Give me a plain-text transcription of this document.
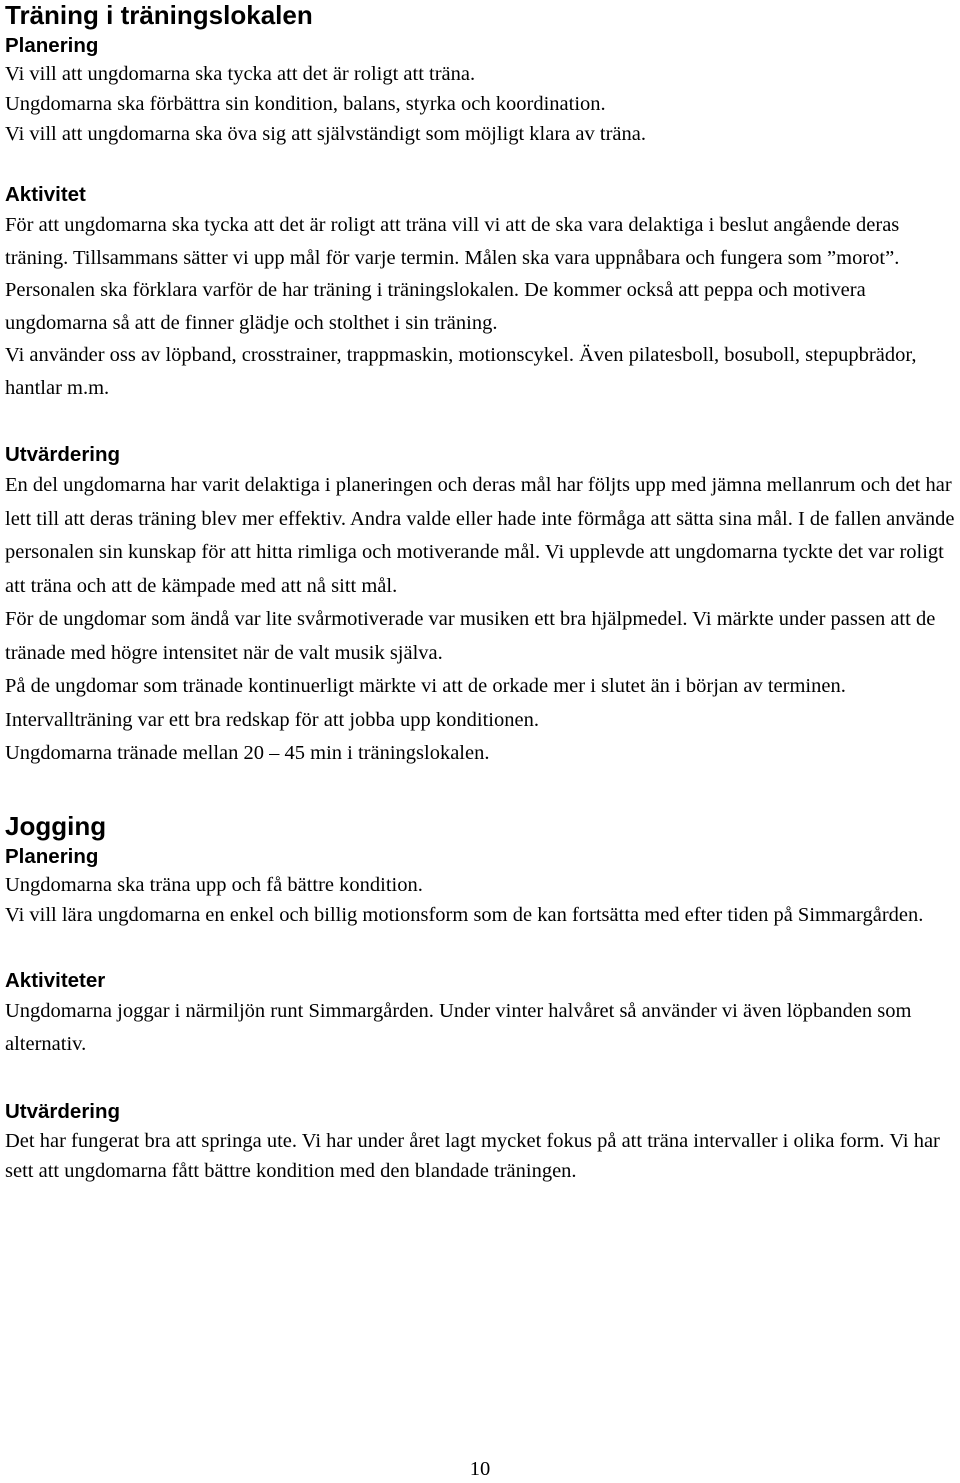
Träning i träningslokalen
Planering

Vi vill att ungdomarna ska tycka att det är roligt att träna.

Ungdomarna ska förbättra sin kondition, balans, styrka och koordination.

Vi vill att ungdomarna ska öva sig att självständigt som möjligt klara av träna.

Aktivitet

För att ungdomarna ska tycka att det är roligt att träna vill vi att de ska vara delaktiga i beslut angående deras träning. Tillsammans sätter vi upp mål för varje termin. Målen ska vara uppnåbara och fungera som ”morot”. Personalen ska förklara varför de har träning i träningslokalen. De kommer också att peppa och motivera ungdomarna så att de finner glädje och stolthet i sin träning.

Vi använder oss av löpband, crosstrainer, trappmaskin, motionscykel. Även pilatesboll, bosuboll, stepupbrädor, hantlar m.m.

Utvärdering

En del ungdomarna har varit delaktiga i planeringen och deras mål har följts upp med jämna mellanrum och det har lett till att deras träning blev mer effektiv. Andra valde eller hade inte förmåga att sätta sina mål. I de fallen använde personalen sin kunskap för att hitta rimliga och motiverande mål. Vi upplevde att ungdomarna tyckte det var roligt att träna och att de kämpade med att nå sitt mål.

För de ungdomar som ändå var lite svårmotiverade var musiken ett bra hjälpmedel. Vi märkte under passen att de tränade med högre intensitet när de valt musik själva.

På de ungdomar som tränade kontinuerligt märkte vi att de orkade mer i slutet än i början av terminen.

Intervallträning var ett bra redskap för att jobba upp konditionen.

Ungdomarna tränade mellan 20 – 45 min i träningslokalen.

Jogging
Planering

Ungdomarna ska träna upp och få bättre kondition.

Vi vill lära ungdomarna en enkel och billig motionsform som de kan fortsätta med efter tiden på Simmargården.

Aktiviteter

Ungdomarna joggar i närmiljön runt Simmargården. Under vinter halvåret så använder vi även löpbanden som alternativ.

Utvärdering

Det har fungerat bra att springa ute. Vi har under året lagt mycket fokus på att träna intervaller i olika form. Vi har sett att ungdomarna fått bättre kondition med den blandade träningen.

10
